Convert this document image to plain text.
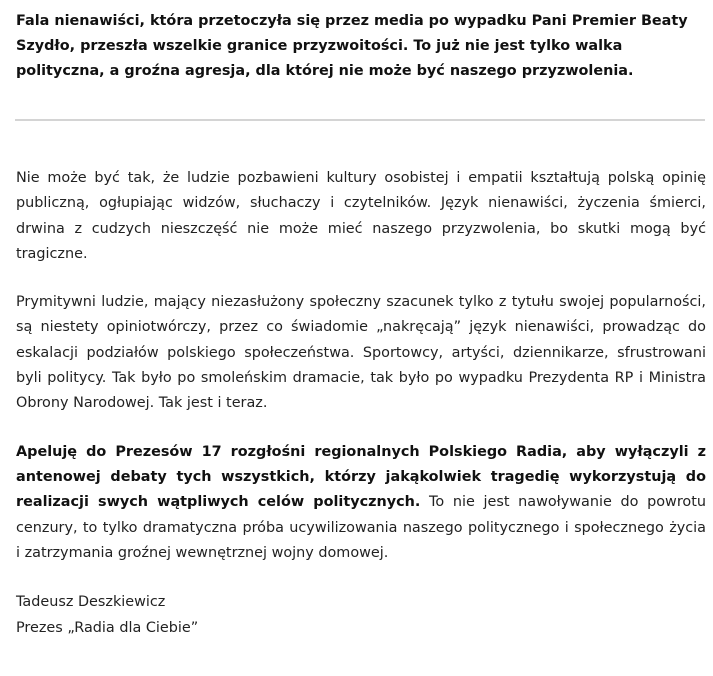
Fala nienawiści, która przetoczyła się przez media po wypadku Pani Premier Beaty Szydło, przeszła wszelkie granice przyzwoitości. To już nie jest tylko walka polityczna, a groźna agresja, dla której nie może być naszego przyzwolenia.

Nie może być tak, że ludzie pozbawieni kultury osobistej i empatii kształtują polską opinię publiczną, ogłupiając widzów, słuchaczy i czytelników. Język nienawiści, życzenia śmierci, drwina z cudzych nieszczęść nie może mieć naszego przyzwolenia, bo skutki mogą być tragiczne.

Prymitywni ludzie, mający niezasłużony społeczny szacunek tylko z tytułu swojej popularności, są niestety opiniotwórczy, przez co świadomie „nakręcają” język nienawiści, prowadząc do eskalacji podziałów polskiego społeczeństwa. Sportowcy, artyści, dziennikarze, sfrustrowani byli politycy. Tak było po smoleńskim dramacie, tak było po wypadku Prezydenta RP i Ministra Obrony Narodowej. Tak jest i teraz.

Apeluję do Prezesów 17 rozgłośni regionalnych Polskiego Radia, aby wyłączyli z antenowej debaty tych wszystkich, którzy jakąkolwiek tragedię wykorzystują do realizacji swych wątpliwych celów politycznych. To nie jest nawoływanie do powrotu cenzury, to tylko dramatyczna próba ucywilizowania naszego politycznego i społecznego życia i zatrzymania groźnej wewnętrznej wojny domowej.

Tadeusz Deszkiewicz

Prezes „Radia dla Ciebie”
